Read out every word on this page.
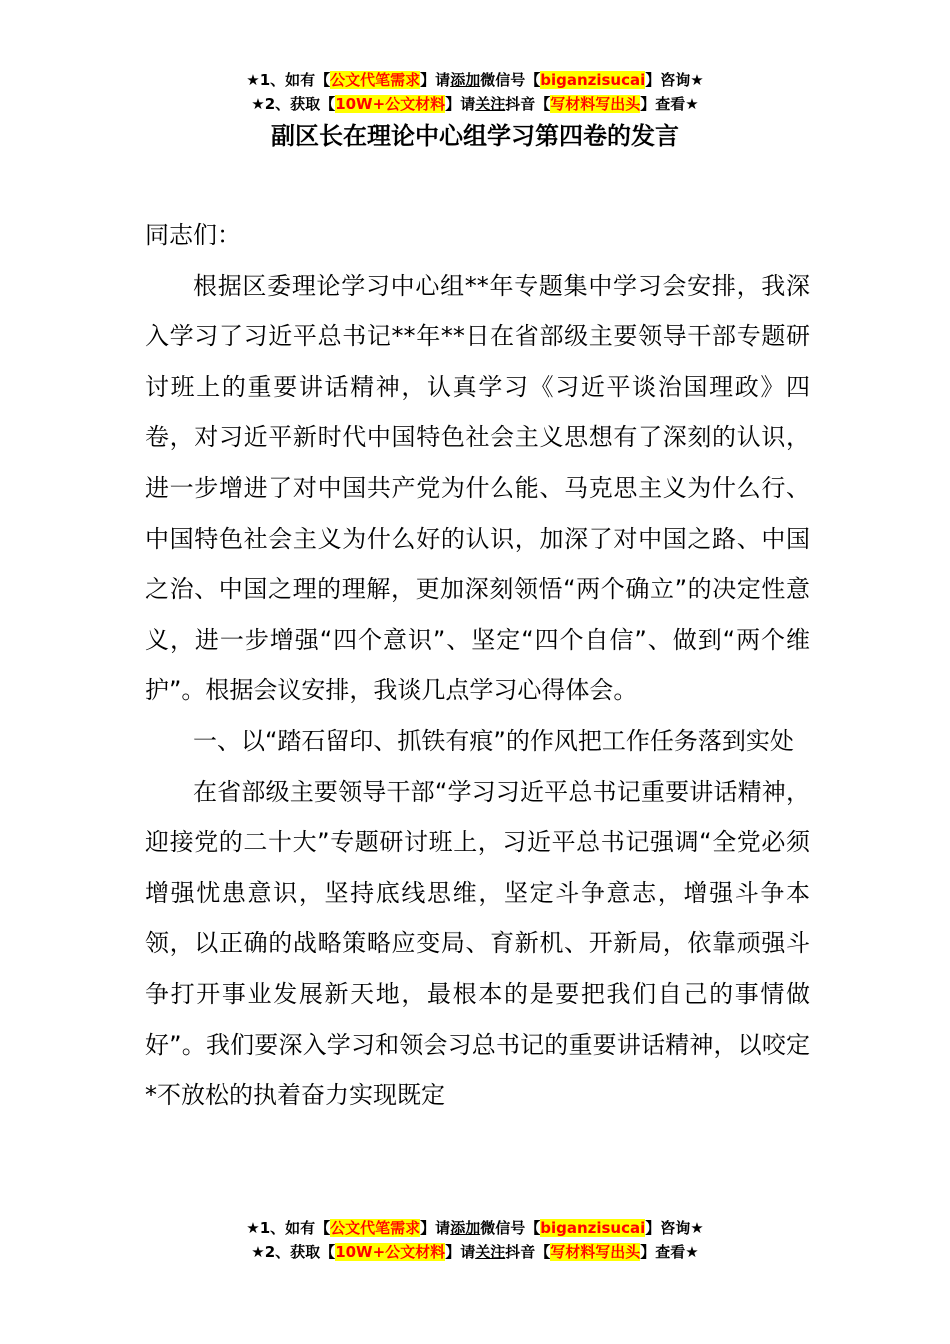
★1、如有【公文代笔需求】请添加微信号【biganzisucai】咨询★
★2、获取【10W+公文材料】请关注抖音【写材料写出头】查看★
副区长在理论中心组学习第四卷的发言

同志们：

根据区委理论学习中心组**年专题集中学习会安排，我深入学习了习近平总书记**年**日在省部级主要领导干部专题研讨班上的重要讲话精神，认真学习《习近平谈治国理政》四卷，对习近平新时代中国特色社会主义思想有了深刻的认识，进一步增进了对中国共产党为什么能、马克思主义为什么行、中国特色社会主义为什么好的认识，加深了对中国之路、中国之治、中国之理的理解，更加深刻领悟“两个确立”的决定性意义，进一步增强“四个意识”、坚定“四个自信”、做到“两个维护”。根据会议安排，我谈几点学习心得体会。

一、以“踏石留印、抓铁有痕”的作风把工作任务落到实处

在省部级主要领导干部“学习习近平总书记重要讲话精神，迎接党的二十大”专题研讨班上，习近平总书记强调“全党必须增强忧患意识，坚持底线思维，坚定斗争意志，增强斗争本领，以正确的战略策略应变局、育新机、开新局，依靠顽强斗争打开事业发展新天地，最根本的是要把我们自己的事情做好”。我们要深入学习和领会习总书记的重要讲话精神，以咬定*不放松的执着奋力实现既定

★1、如有【公文代笔需求】请添加微信号【biganzisucai】咨询★
★2、获取【10W+公文材料】请关注抖音【写材料写出头】查看★
